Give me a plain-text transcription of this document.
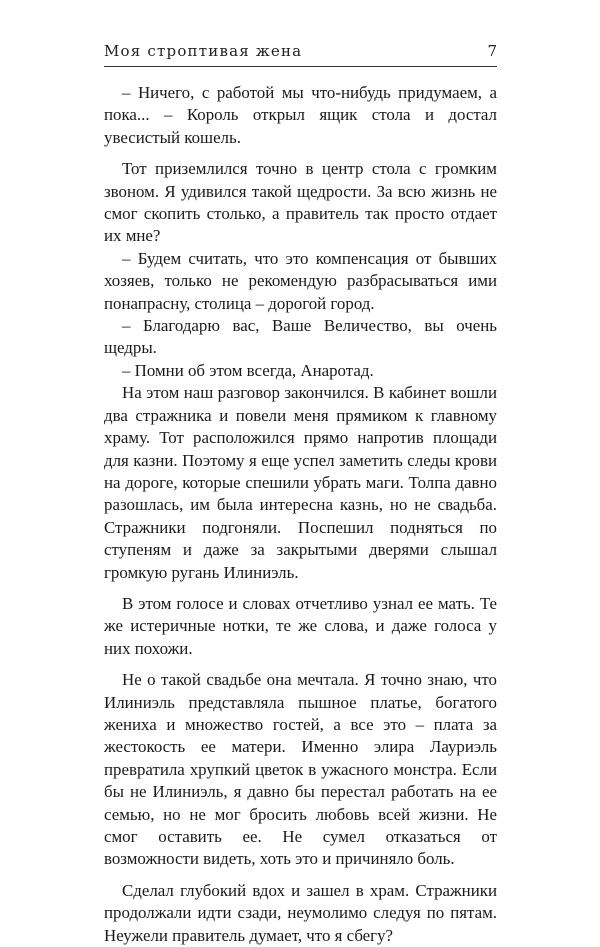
Моя строптивая жена	7

– Ничего, с работой мы что-нибудь придумаем, а пока... – Король открыл ящик стола и достал увесистый кошель.

Тот приземлился точно в центр стола с громким звоном. Я удивился такой щедрости. За всю жизнь не смог скопить столько, а правитель так просто отдает их мне?

– Будем считать, что это компенсация от бывших хозяев, только не рекомендую разбрасываться ими понапрасну, столица – дорогой город.

– Благодарю вас, Ваше Величество, вы очень щедры.

– Помни об этом всегда, Анаротад.

На этом наш разговор закончился. В кабинет вошли два стражника и повели меня прямиком к главному храму. Тот расположился прямо напротив площади для казни. Поэтому я еще успел заметить следы крови на дороге, которые спешили убрать маги. Толпа давно разошлась, им была интересна казнь, но не свадьба. Стражники подгоняли. Поспешил подняться по ступеням и даже за закрытыми дверями слышал громкую ругань Илиниэль.

В этом голосе и словах отчетливо узнал ее мать. Те же истеричные нотки, те же слова, и даже голоса у них похожи.

Не о такой свадьбе она мечтала. Я точно знаю, что Илиниэль представляла пышное платье, богатого жениха и множество гостей, а все это – плата за жестокость ее матери. Именно элира Лауриэль превратила хрупкий цветок в ужасного монстра. Если бы не Илиниэль, я давно бы перестал работать на ее семью, но не мог бросить любовь всей жизни. Не смог оставить ее. Не сумел отказаться от возможности видеть, хоть это и причиняло боль.

Сделал глубокий вдох и зашел в храм. Стражники продолжали идти сзади, неумолимо следуя по пятам. Неужели правитель думает, что я сбегу?
